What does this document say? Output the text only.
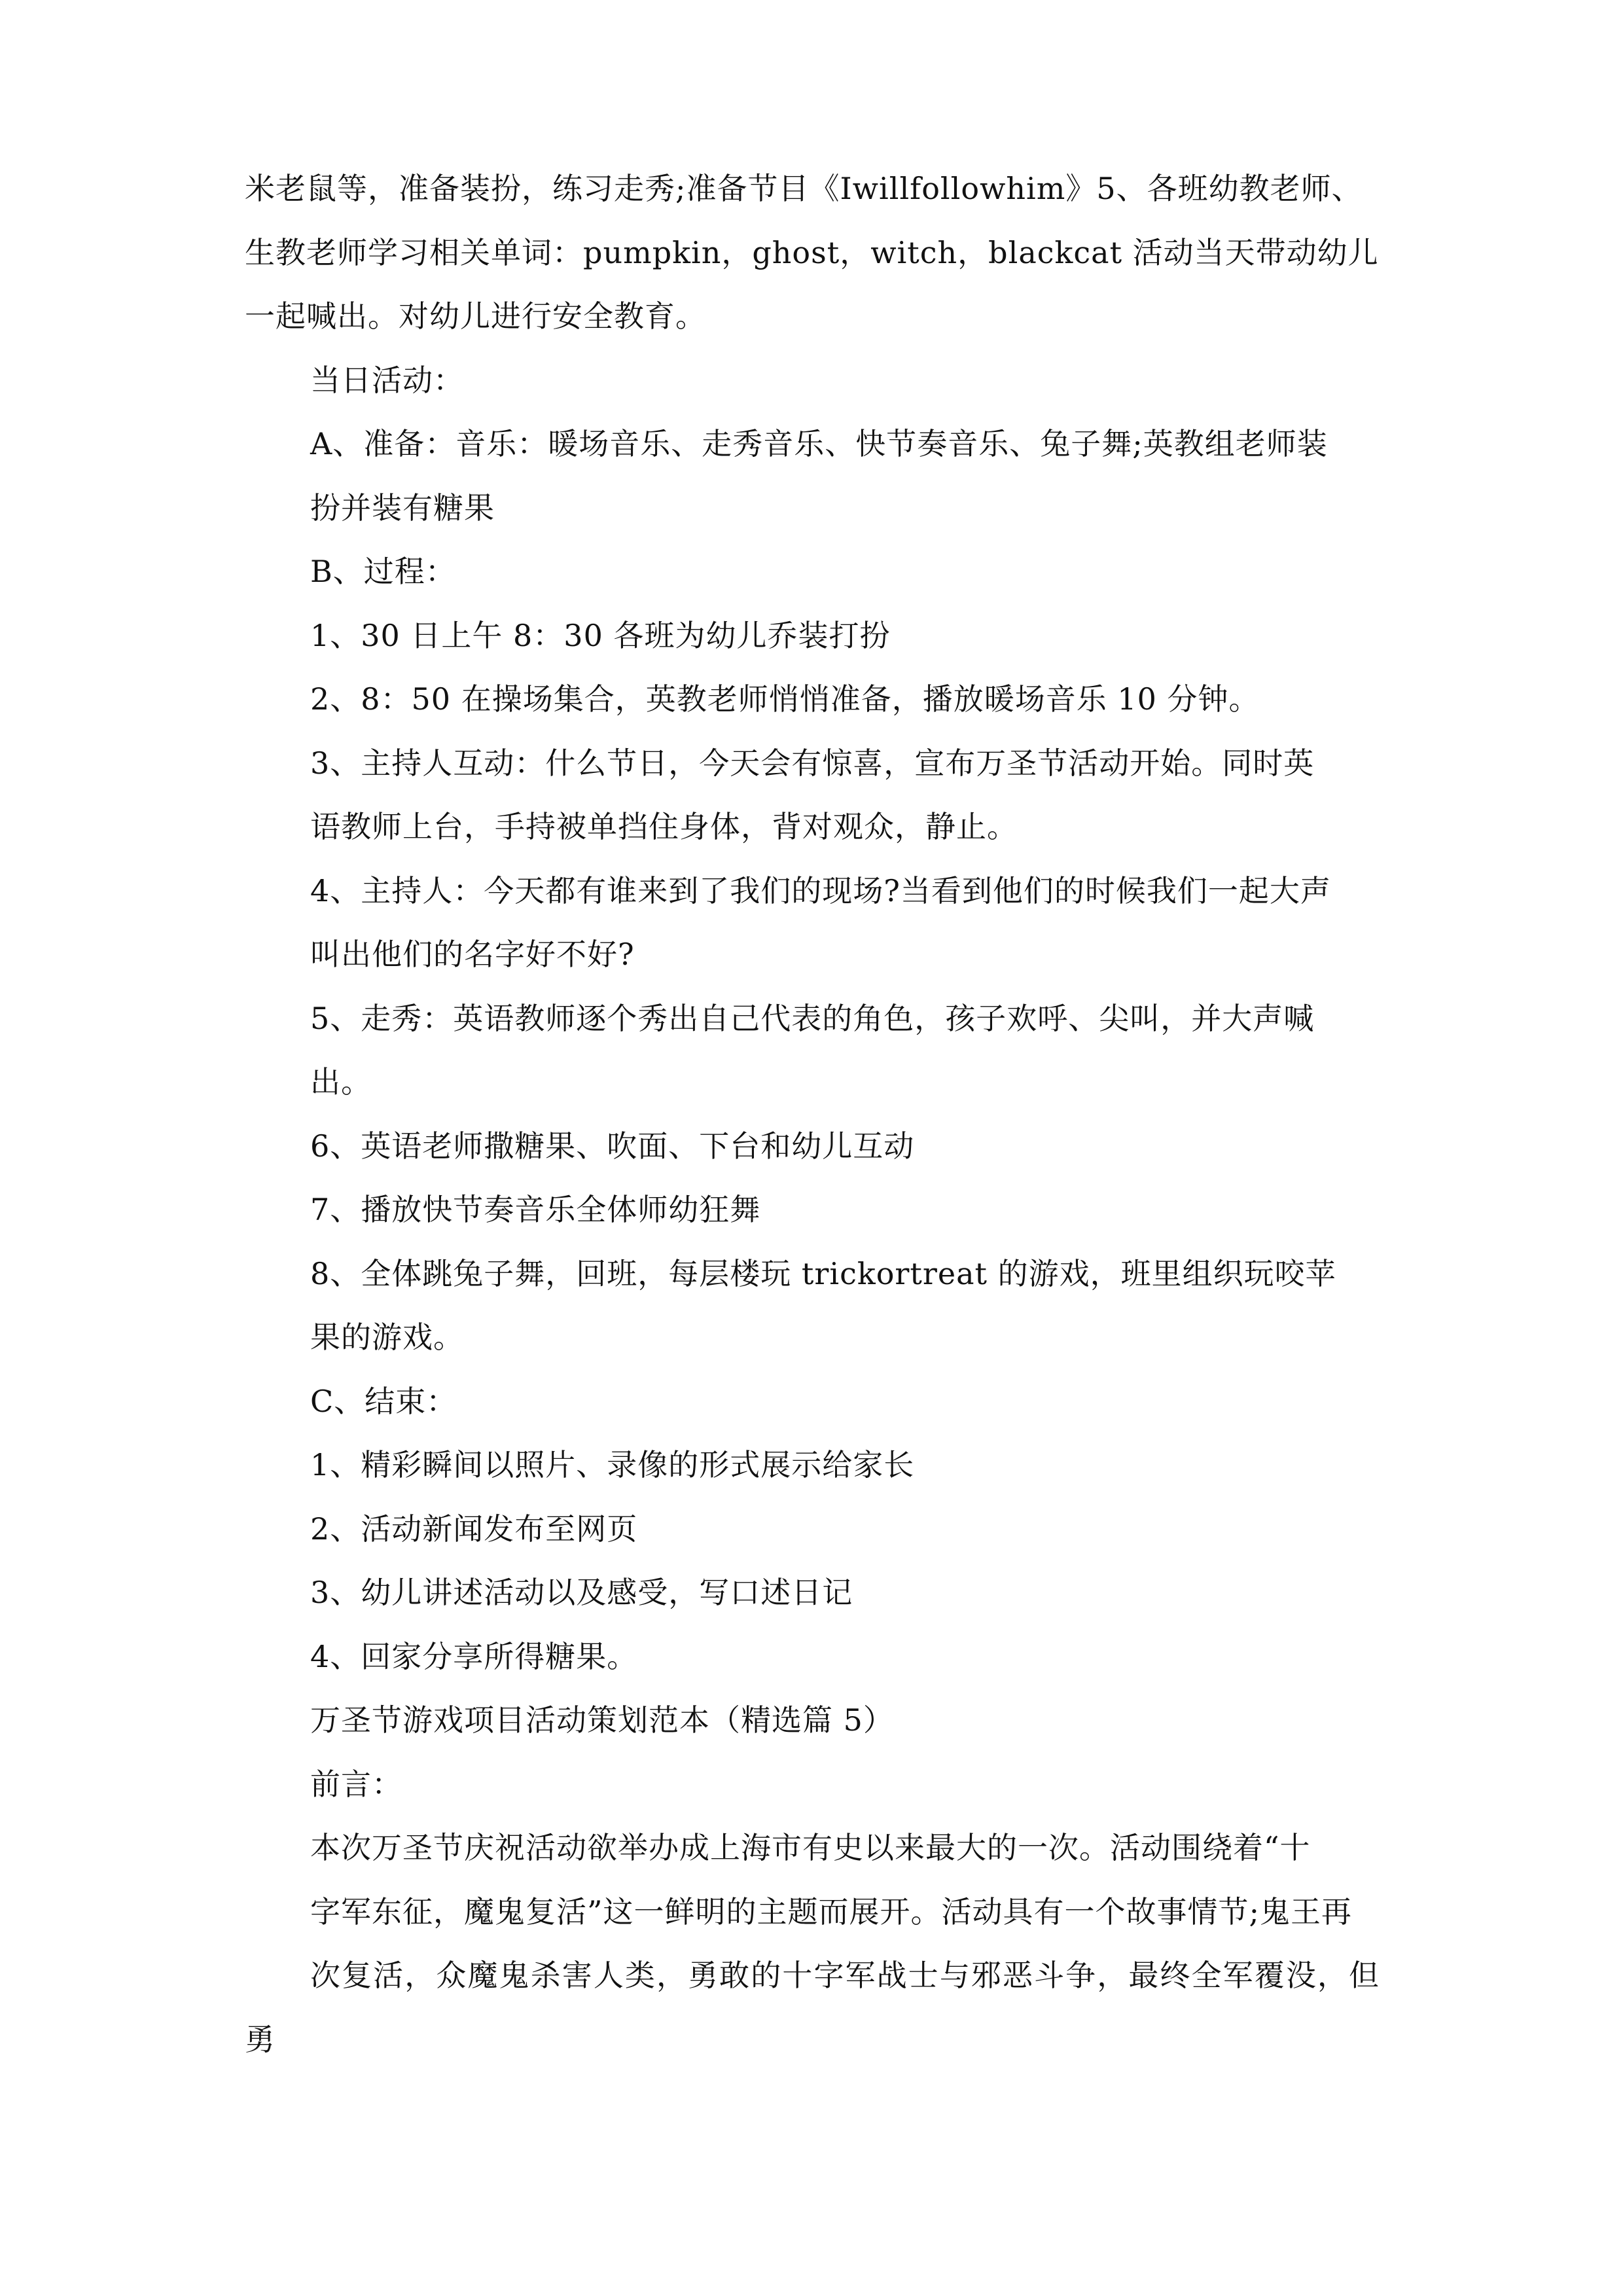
米老鼠等，准备装扮，练习走秀;准备节目《Iwillfollowhim》5、各班幼教老师、
生教老师学习相关单词：pumpkin，ghost，witch，blackcat 活动当天带动幼儿
一起喊出。对幼儿进行安全教育。

当日活动：

A、准备：音乐：暖场音乐、走秀音乐、快节奏音乐、兔子舞;英教组老师装
扮并装有糖果

B、过程：

1、30 日上午 8：30 各班为幼儿乔装打扮

2、8：50 在操场集合，英教老师悄悄准备，播放暖场音乐 10 分钟。

3、主持人互动：什么节日，今天会有惊喜，宣布万圣节活动开始。同时英
语教师上台，手持被单挡住身体，背对观众，静止。

4、主持人：今天都有谁来到了我们的现场?当看到他们的时候我们一起大声
叫出他们的名字好不好?

5、走秀：英语教师逐个秀出自己代表的角色，孩子欢呼、尖叫，并大声喊
出。

6、英语老师撒糖果、吹面、下台和幼儿互动

7、播放快节奏音乐全体师幼狂舞

8、全体跳兔子舞，回班，每层楼玩 trickortreat 的游戏，班里组织玩咬苹
果的游戏。

C、结束：

1、精彩瞬间以照片、录像的形式展示给家长

2、活动新闻发布至网页

3、幼儿讲述活动以及感受，写口述日记

4、回家分享所得糖果。

万圣节游戏项目活动策划范本（精选篇 5）

前言：

本次万圣节庆祝活动欲举办成上海市有史以来最大的一次。活动围绕着“十
字军东征，魔鬼复活”这一鲜明的主题而展开。活动具有一个故事情节;鬼王再
次复活，众魔鬼杀害人类，勇敢的十字军战士与邪恶斗争，最终全军覆没，但勇
